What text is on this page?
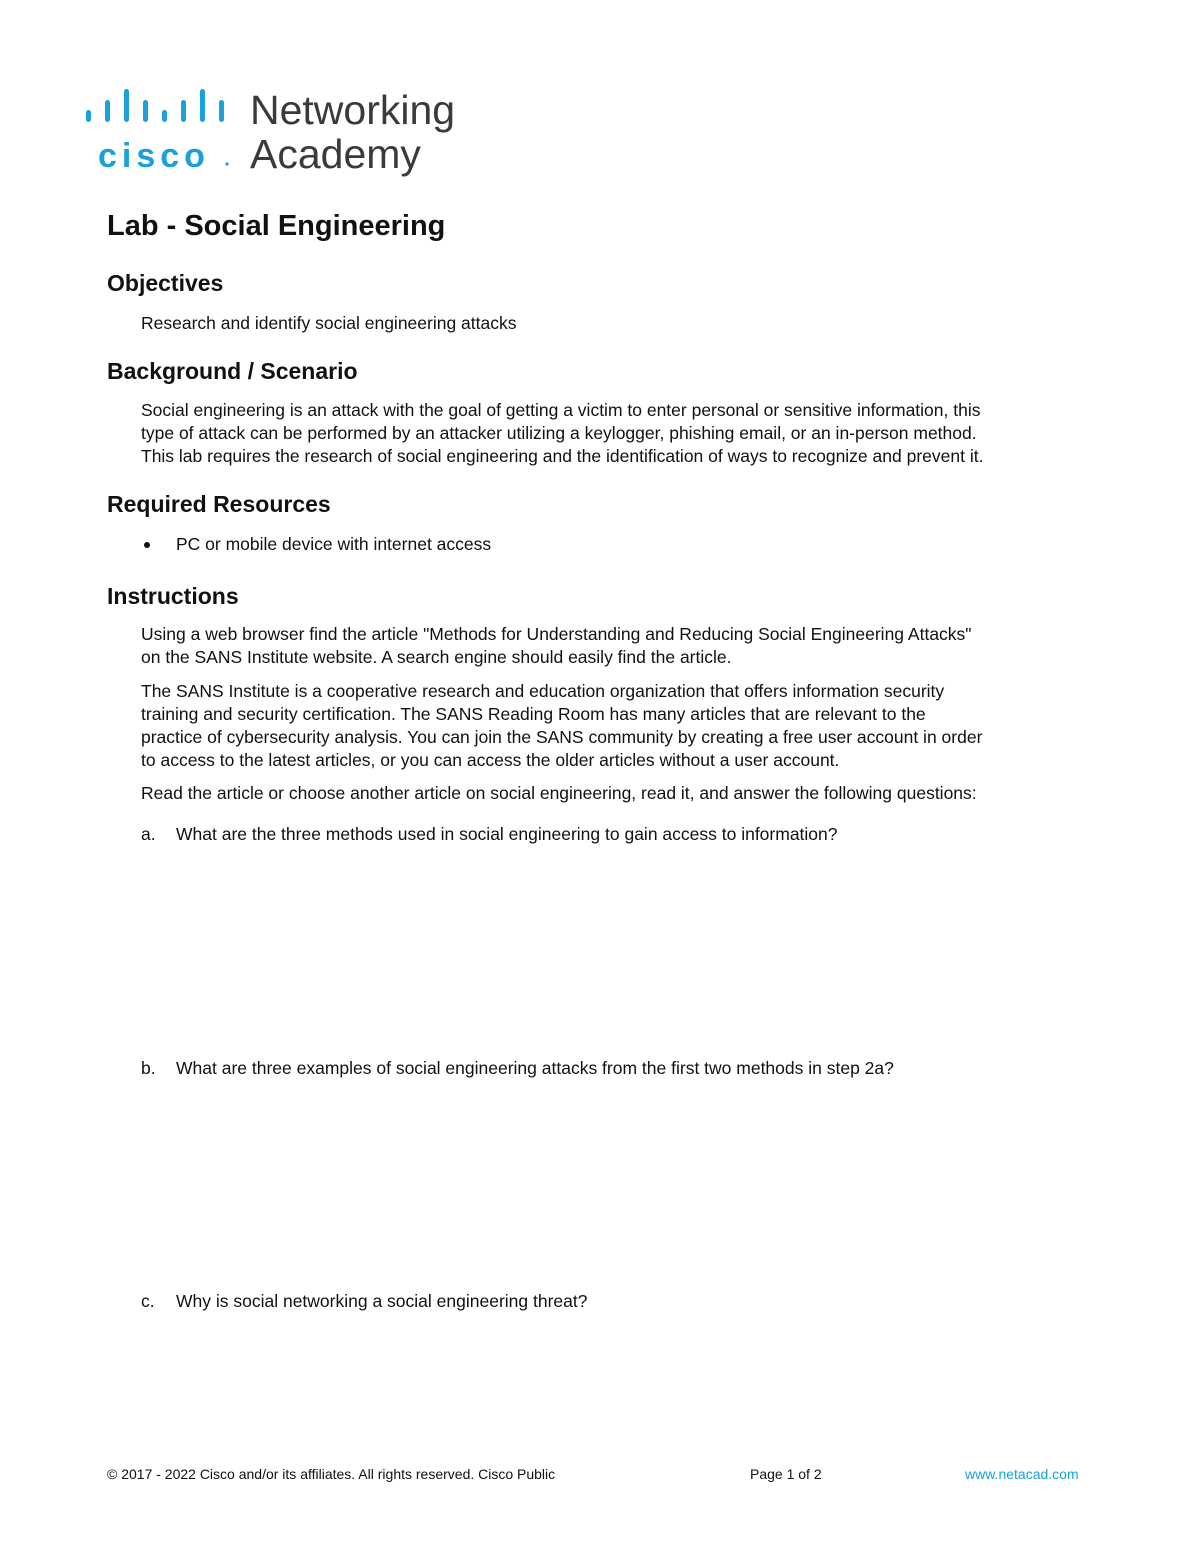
cisco
Networking
Academy
Lab - Social Engineering
Objectives
Research and identify social engineering attacks
Background / Scenario
Social engineering is an attack with the goal of getting a victim to enter personal or sensitive information, this
type of attack can be performed by an attacker utilizing a keylogger, phishing email, or an in-person method.
This lab requires the research of social engineering and the identification of ways to recognize and prevent it.
Required Resources
PC or mobile device with internet access
Instructions
Using a web browser find the article "Methods for Understanding and Reducing Social Engineering Attacks"
on the SANS Institute website. A search engine should easily find the article.
The SANS Institute is a cooperative research and education organization that offers information security
training and security certification. The SANS Reading Room has many articles that are relevant to the
practice of cybersecurity analysis. You can join the SANS community by creating a free user account in order
to access to the latest articles, or you can access the older articles without a user account.
Read the article or choose another article on social engineering, read it, and answer the following questions:
a. What are the three methods used in social engineering to gain access to information?
b. What are three examples of social engineering attacks from the first two methods in step 2a?
c. Why is social networking a social engineering threat?
© 2017 - 2022 Cisco and/or its affiliates. All rights reserved. Cisco Public	Page 1 of 2	www.netacad.com
